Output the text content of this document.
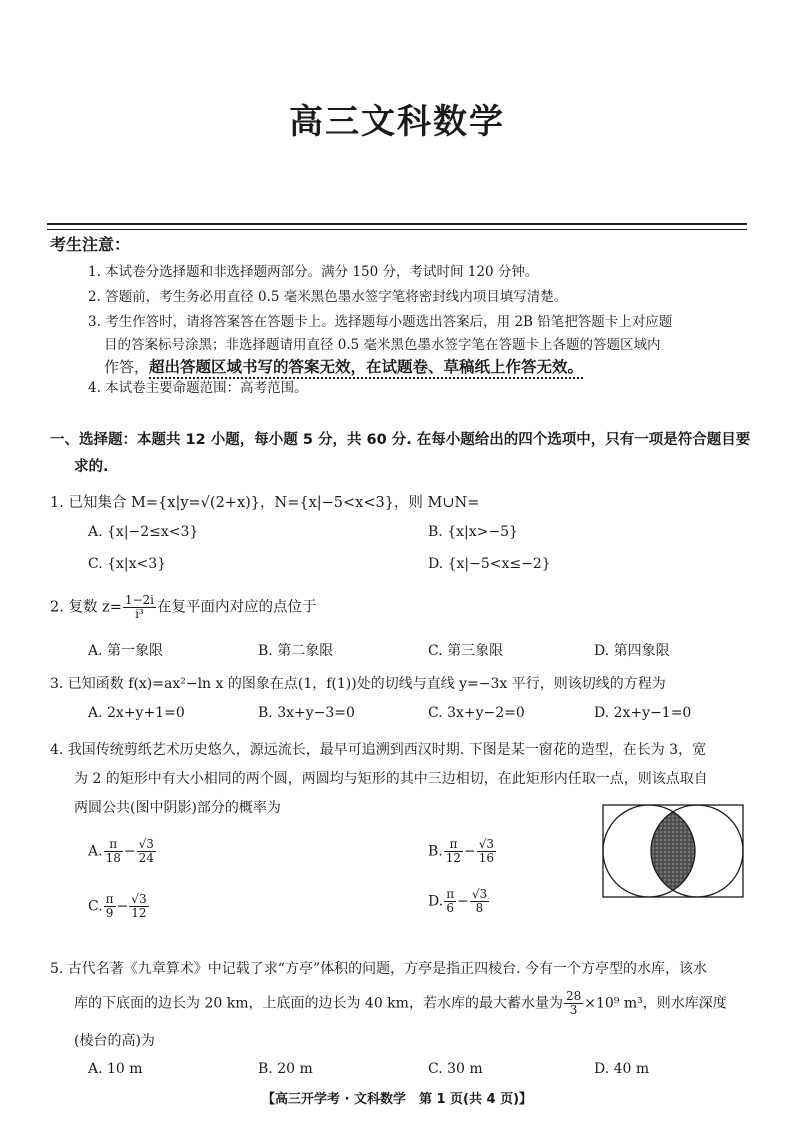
高三文科数学
考生注意：
1. 本试卷分选择题和非选择题两部分。满分 150 分，考试时间 120 分钟。
2. 答题前，考生务必用直径 0.5 毫米黑色墨水签字笔将密封线内项目填写清楚。
3. 考生作答时，请将答案答在答题卡上。选择题每小题选出答案后，用 2B 铅笔把答题卡上对应题
目的答案标号涂黑；非选择题请用直径 0.5 毫米黑色墨水签字笔在答题卡上各题的答题区域内
作答，超出答题区域书写的答案无效，在试题卷、草稿纸上作答无效。
4. 本试卷主要命题范围：高考范围。
一、选择题：本题共 12 小题，每小题 5 分，共 60 分. 在每小题给出的四个选项中，只有一项是符合题目要
求的.
1. 已知集合 M={x|y=√(2+x)}，N={x|−5<x<3}，则 M∪N=
A. {x|−2≤x<3}	B. {x|x>−5}
C. {x|x<3}	D. {x|−5<x≤−2}
2. 复数 $z= \frac{1-2i}{\text{i³}}$ 在复平面内对应的点位于
A. 第一象限	B. 第二象限	C. 第三象限	D. 第四象限
3. 已知函数 f(x)=ax²−ln x 的图象在点(1，f(1))处的切线与直线 y=−3x 平行，则该切线的方程为
A. 2x+y+1=0	B. 3x+y−3=0	C. 3x+y−2=0	D. 2x+y−1=0
4. 我国传统剪纸艺术历史悠久，源远流长，最早可追溯到西汉时期. 下图是某一窗花的造型，在长为 3，宽
为 2 的矩形中有大小相同的两个圆，两圆均与矩形的其中三边相切，在此矩形内任取一点，则该点取自
两圆公共(图中阴影)部分的概率为
A. $\frac{\pi}{18} - \frac{√3}{24}$	B. $\frac{\pi}{12} - \frac{√3}{16}$
C. $\frac{\pi}{9} - \frac{√3}{12}$	D. $\frac{\pi}{6} - \frac{√3}{8}$
5. 古代名著《九章算术》中记载了求“方亭”体积的问题，方亭是指正四棱台. 今有一个方亭型的水库，该水
库的下底面的边长为 20 km，上底面的边长为 40 km，若水库的最大蓄水量为 $\frac{28}{3} \times 10^9$ m³，则水库深度
(棱台的高)为
A. 10 m	B. 20 m	C. 30 m	D. 40 m
【高三开学考 · 文科数学　第 1 页(共 4 页)】
